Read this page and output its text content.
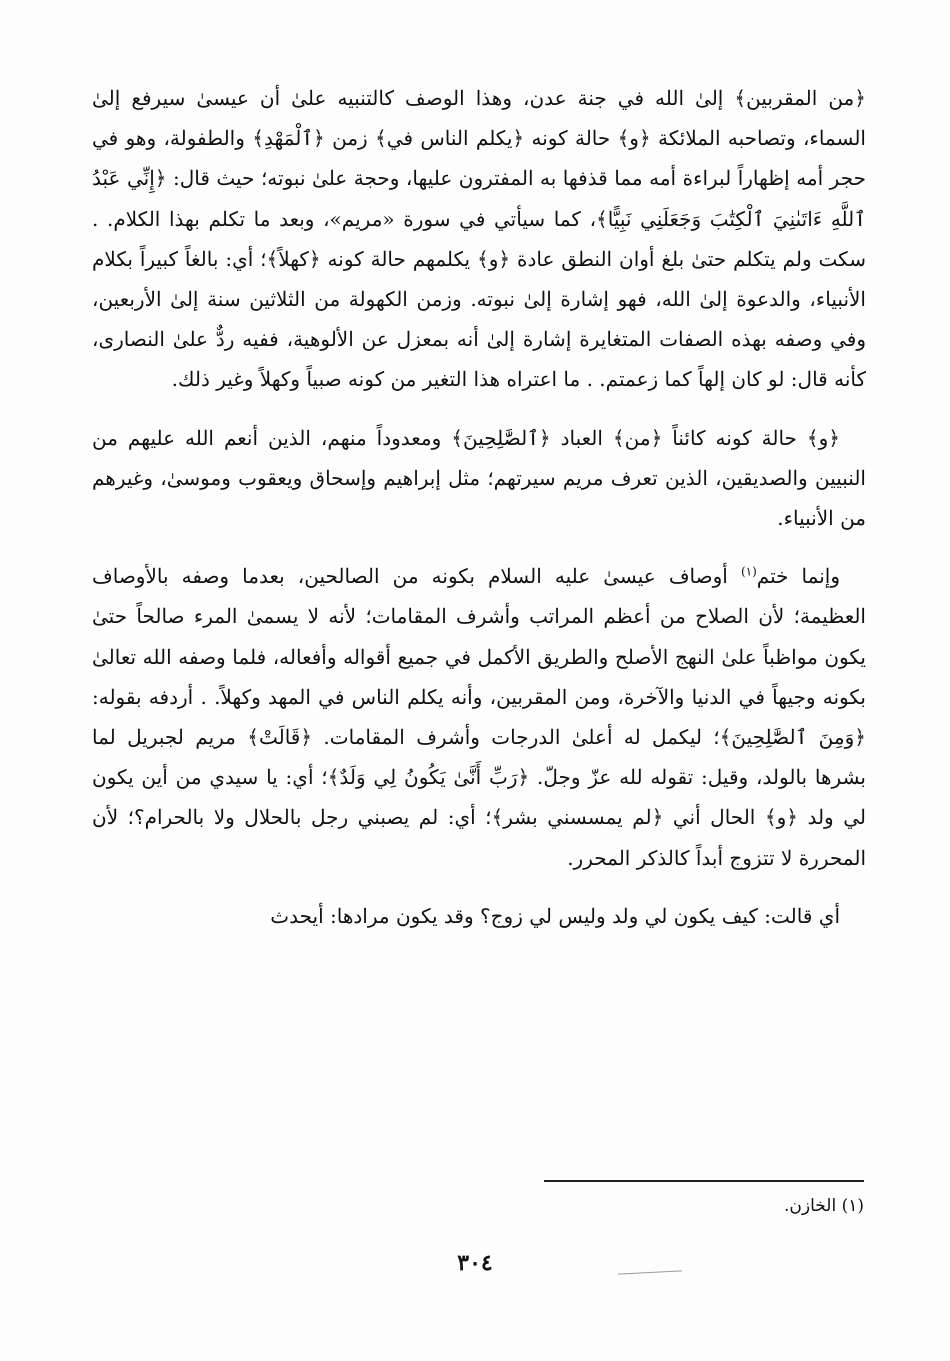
﴿من المقربين﴾ إلىٰ الله في جنة عدن، وهذا الوصف كالتنبيه علىٰ أن عيسىٰ سيرفع إلىٰ السماء، وتصاحبه الملائكة ﴿و﴾ حالة كونه ﴿يكلم الناس في﴾ زمن ﴿ٱلْمَهْدِ﴾ والطفولة، وهو في حجر أمه إظهاراً لبراءة أمه مما قذفها به المفترون عليها، وحجة علىٰ نبوته؛ حيث قال: ﴿إِنِّي عَبْدُ ٱللَّهِ ءَاتَىٰنِيَ ٱلْكِتَٰبَ وَجَعَلَنِي نَبِيًّا﴾، كما سيأتي في سورة «مريم»، وبعد ما تكلم بهذا الكلام. . سكت ولم يتكلم حتىٰ بلغ أوان النطق عادة ﴿و﴾ يكلمهم حالة كونه ﴿كهلاً﴾؛ أي: بالغاً كبيراً بكلام الأنبياء، والدعوة إلىٰ الله، فهو إشارة إلىٰ نبوته. وزمن الكهولة من الثلاثين سنة إلىٰ الأربعين، وفي وصفه بهذه الصفات المتغايرة إشارة إلىٰ أنه بمعزل عن الألوهية، ففيه ردٌّ علىٰ النصارى، كأنه قال: لو كان إلهاً كما زعمتم. . ما اعتراه هذا التغير من كونه صبياً وكهلاً وغير ذلك.

﴿و﴾ حالة كونه كائناً ﴿من﴾ العباد ﴿ٱلصَّٰلِحِينَ﴾ ومعدوداً منهم، الذين أنعم الله عليهم من النبيين والصديقين، الذين تعرف مريم سيرتهم؛ مثل إبراهيم وإسحاق ويعقوب وموسىٰ، وغيرهم من الأنبياء.

وإنما ختم$^{(١)}$ أوصاف عيسىٰ عليه السلام بكونه من الصالحين، بعدما وصفه بالأوصاف العظيمة؛ لأن الصلاح من أعظم المراتب وأشرف المقامات؛ لأنه لا يسمىٰ المرء صالحاً حتىٰ يكون مواظباً علىٰ النهج الأصلح والطريق الأكمل في جميع أقواله وأفعاله، فلما وصفه الله تعالىٰ بكونه وجيهاً في الدنيا والآخرة، ومن المقربين، وأنه يكلم الناس في المهد وكهلاً. . أردفه بقوله: ﴿وَمِنَ ٱلصَّٰلِحِينَ﴾؛ ليكمل له أعلىٰ الدرجات وأشرف المقامات. ﴿قَالَتْ﴾ مريم لجبريل لما بشرها بالولد، وقيل: تقوله لله عزّ وجلّ. ﴿رَبِّ أَنَّىٰ يَكُونُ لِي وَلَدٌ﴾؛ أي: يا سيدي من أين يكون لي ولد ﴿و﴾ الحال أني ﴿لم يمسسني بشر﴾؛ أي: لم يصبني رجل بالحلال ولا بالحرام؟؛ لأن المحررة لا تتزوج أبداً كالذكر المحرر.

أي قالت: كيف يكون لي ولد وليس لي زوج؟ وقد يكون مرادها: أيحدث

(١) الخازن.
٣٠٤
